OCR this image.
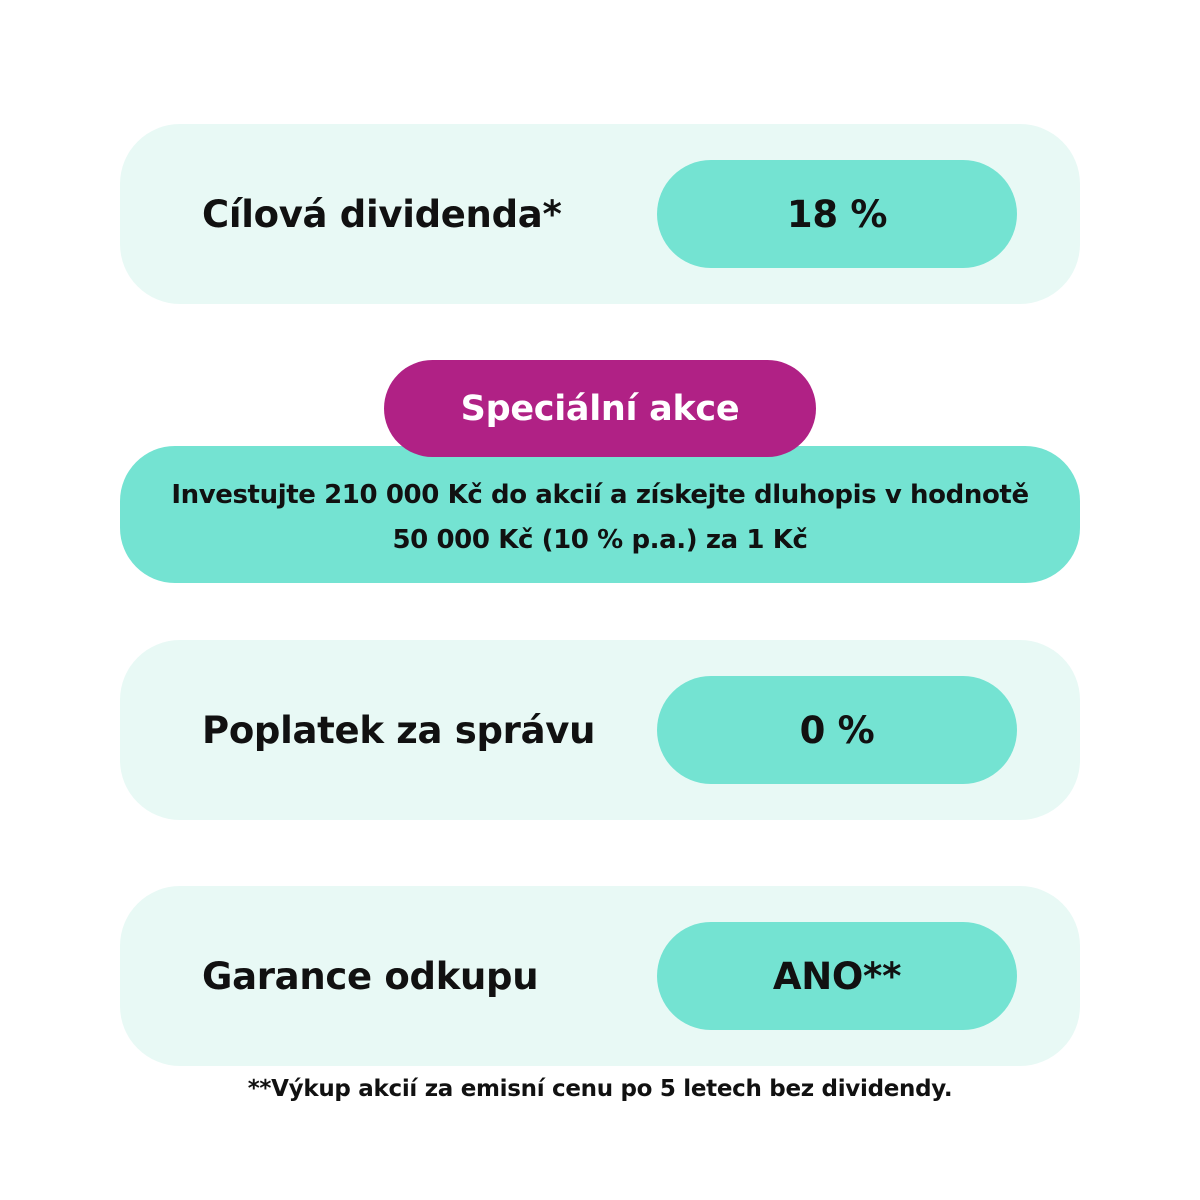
Cílová dividenda*	18 %
Investujte 210 000 Kč do akcií a získejte dluhopis v hodnotě
50 000 Kč (10 % p.a.) za 1 Kč
Speciální akce
Poplatek za správu	0 %
Garance odkupu	ANO**
**Výkup akcií za emisní cenu po 5 letech bez dividendy.
